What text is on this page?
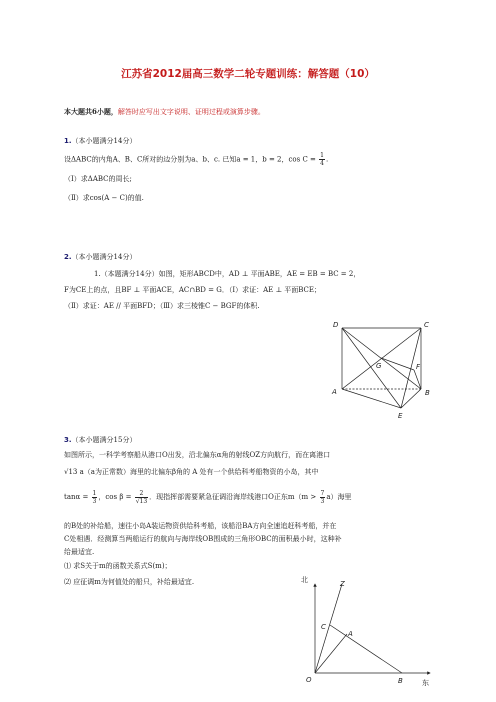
江苏省2012届高三数学二轮专题训练：解答题（10）
本大题共6小题，解答时应写出文字说明、证明过程或演算步骤。
1.（本小题满分14分）
设ΔABC的内角A、B、C所对的边分别为a、b、c. 已知a = 1，b = 2，$\cos C = \frac{1}{4}$ .
（Ⅰ）求ΔABC的周长;
（Ⅱ）求cos(A − C)的值.
2.（本小题满分14分）
1.（本题满分14分）如图，矩形ABCD中，AD ⊥ 平面ABE，AE = EB = BC = 2，
F为CE上的点，且BF ⊥ 平面ACE，AC∩BD = G．（Ⅰ）求证：AE ⊥ 平面BCE；
（Ⅱ）求证：AE // 平面BFD；（Ⅲ）求三棱锥C − BGF的体积.
D	C
G	F
A	B
E
3.（本小题满分15分）
如图所示，一科学考察船从港口O出发，沿北偏东α角的射线OZ方向航行，而在离港口
√13 a（a为正常数）海里的北偏东β角的 A 处有一个供给科考船物资的小岛，其中
$\tan\alpha = \frac{1}{3}$ ，$\cos \beta = \frac{2}{√13}$ ．现指挥部需要紧急征调沿海岸线港口O正东$m(m > \frac{7}{3} a)$海里
的B处的补给船，速往小岛A装运物资供给科考船，该船沿BA方向全速追赶科考船，并在
C处相遇．经测算当两船运行的航向与海岸线OB围成的三角形OBC的面积最小时，这种补
给最适宜.
⑴ 求S关于m的函数关系式S(m)；
⑵ 应征调m为何值处的船只，补给最适宜.	北	Z
C
A
O	B	东
